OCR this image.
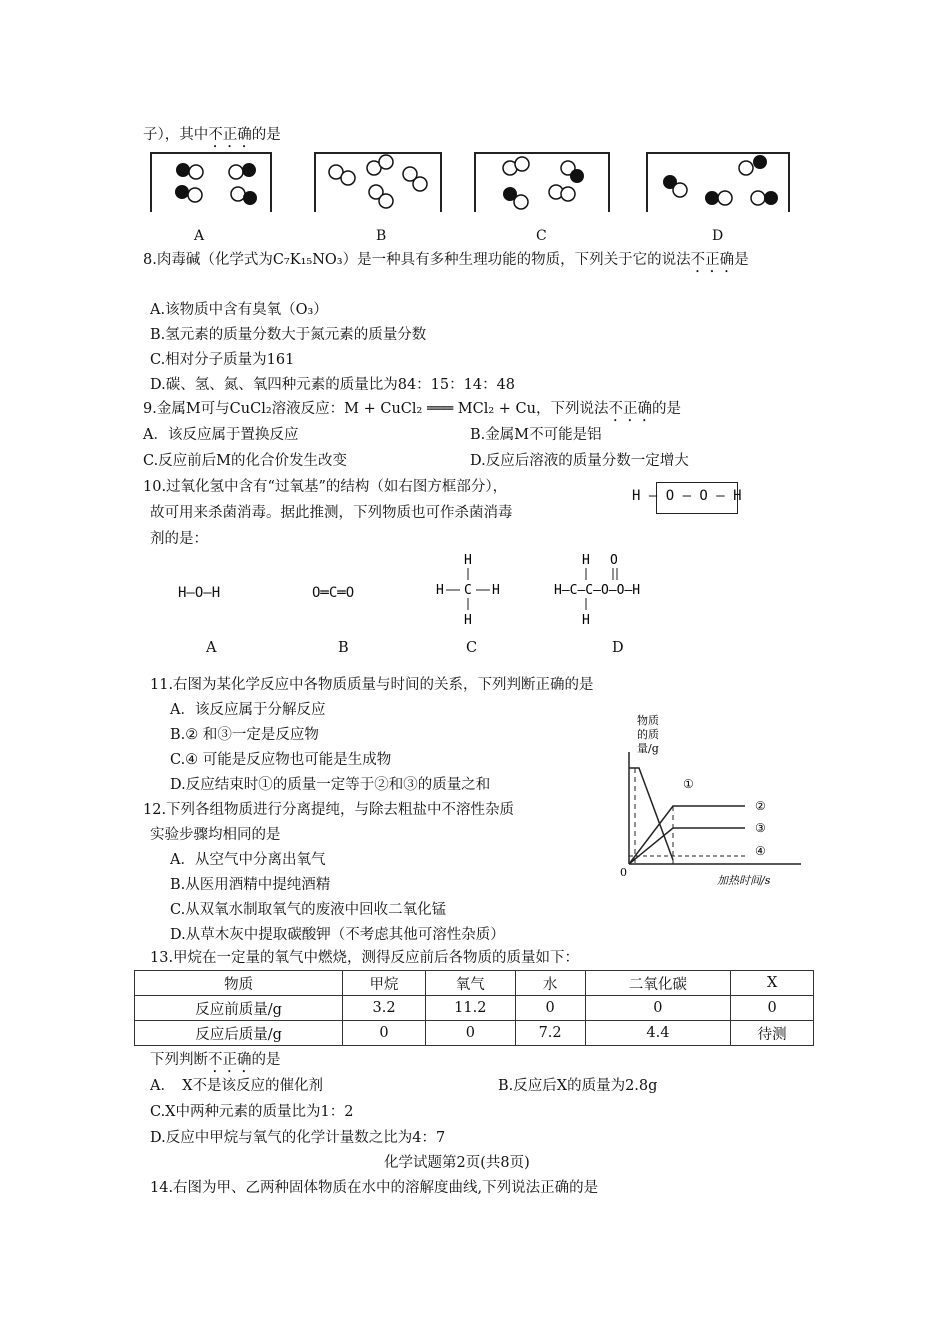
子），其中不正确的是
A	B	C	D
8.肉毒碱（化学式为C₇K₁₅NO₃）是一种具有多种生理功能的物质，下列关于它的说法不正确是
A.该物质中含有臭氧（O₃）
B.氢元素的质量分数大于氮元素的质量分数
C.相对分子质量为161
D.碳、氢、氮、氧四种元素的质量比为84：15：14：48
9.金属M可与CuCl₂溶液反应：M + CuCl₂ ═══ MCl₂ + Cu，下列说法不正确的是
A．该反应属于置换反应	B.金属M不可能是铝
C.反应前后M的化合价发生改变	D.反应后溶液的质量分数一定增大
10.过氧化氢中含有“过氧基”的结构（如右图方框部分），
故可用来杀菌消毒。据此推测，下列物质也可作杀菌消毒
剂的是：
H — O — O — H
H—O—H	O═C═O
H
H C H
H
H O
H—C—C—O—O—H
H
A	B	C	D
11.右图为某化学反应中各物质质量与时间的关系，下列判断正确的是
A．该反应属于分解反应
B.② 和③一定是反应物
C.④ 可能是反应物也可能是生成物
D.反应结束时①的质量一定等于②和③的质量之和
物质
的质
量/g
0
加热时间/s
①
②
③
④
12.下列各组物质进行分离提纯，与除去粗盐中不溶性杂质
实验步骤均相同的是
A．从空气中分离出氧气
B.从医用酒精中提纯酒精
C.从双氧水制取氧气的废液中回收二氧化锰
D.从草木灰中提取碳酸钾（不考虑其他可溶性杂质）
13.甲烷在一定量的氧气中燃烧，测得反应前后各物质的质量如下：
物质	甲烷	氧气	水	二氧化碳	X
反应前质量/g	3.2	11.2	0	0	0
反应后质量/g	0	0	7.2	4.4	待测
下列判断不正确的是
A．　X不是该反应的催化剂	B.反应后X的质量为2.8g
C.X中两种元素的质量比为1：2
D.反应中甲烷与氧气的化学计量数之比为4：7
化学试题第2页(共8页)
14.右图为甲、乙两种固体物质在水中的溶解度曲线,下列说法正确的是
